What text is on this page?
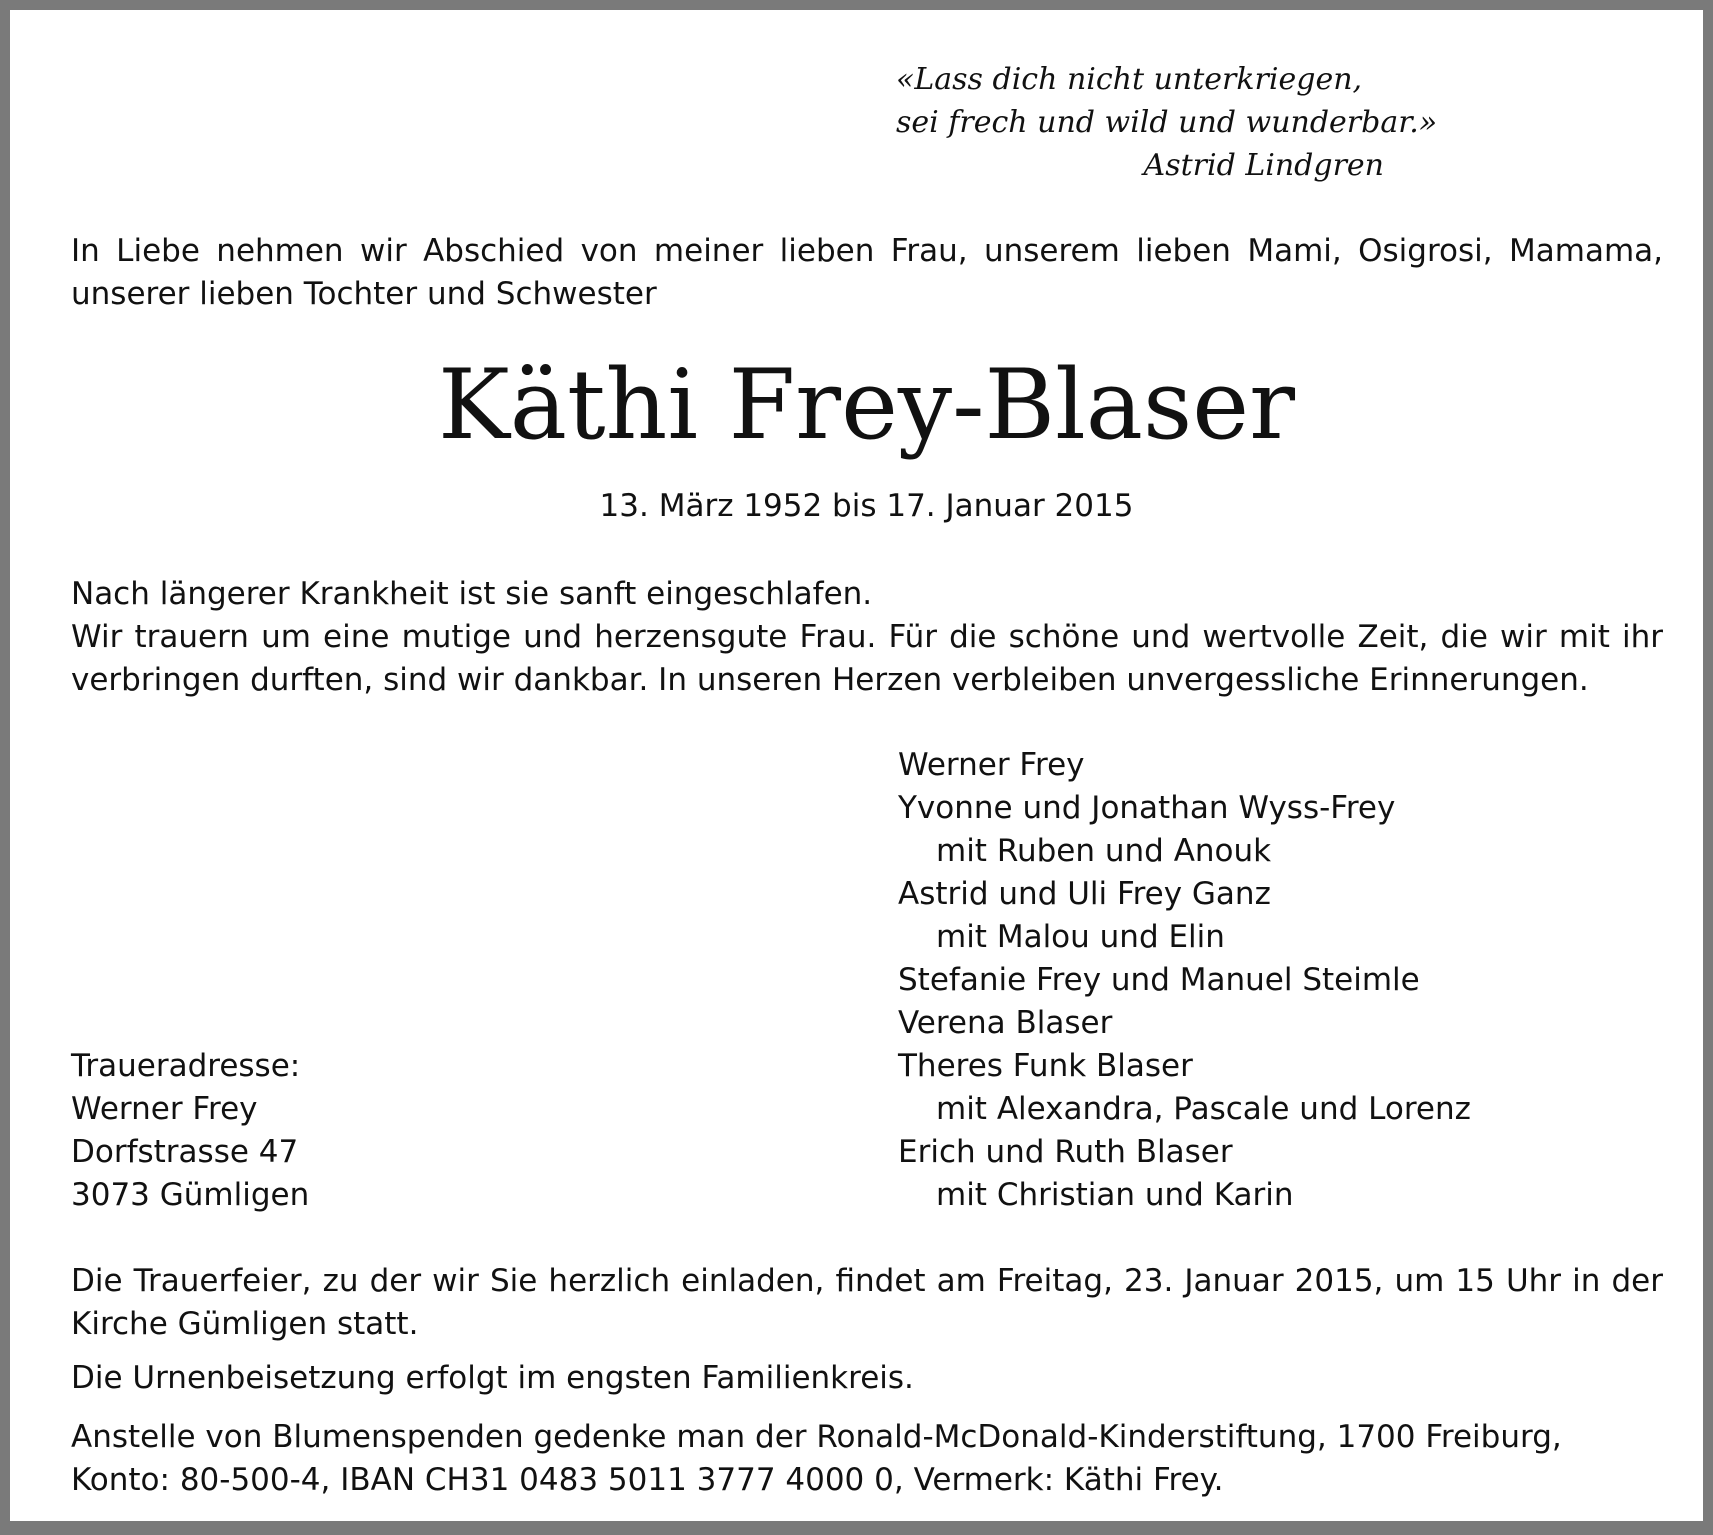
«Lass dich nicht unterkriegen,
sei frech und wild und wunderbar.»
Astrid Lindgren
In Liebe nehmen wir Abschied von meiner lieben Frau, unserem lieben Mami, Osigrosi, Mamama, unserer lieben Tochter und Schwester
Käthi Frey-Blaser
13. März 1952 bis 17. Januar 2015
Nach längerer Krankheit ist sie sanft eingeschlafen.
Wir trauern um eine mutige und herzensgute Frau. Für die schöne und wertvolle Zeit, die wir mit ihr verbringen durften, sind wir dankbar. In unseren Herzen verbleiben unvergessliche Erinnerungen.
Werner Frey
Yvonne und Jonathan Wyss-Frey
mit Ruben und Anouk
Astrid und Uli Frey Ganz
mit Malou und Elin
Stefanie Frey und Manuel Steimle
Verena Blaser
Theres Funk Blaser
mit Alexandra, Pascale und Lorenz
Erich und Ruth Blaser
mit Christian und Karin
Traueradresse:
Werner Frey
Dorfstrasse 47
3073 Gümligen
Die Trauerfeier, zu der wir Sie herzlich einladen, findet am Freitag, 23. Januar 2015, um 15 Uhr in der Kirche Gümligen statt.
Die Urnenbeisetzung erfolgt im engsten Familienkreis.
Anstelle von Blumenspenden gedenke man der Ronald-McDonald-Kinderstiftung, 1700 Freiburg,
Konto: 80-500-4, IBAN CH31 0483 5011 3777 4000 0, Vermerk: Käthi Frey.
